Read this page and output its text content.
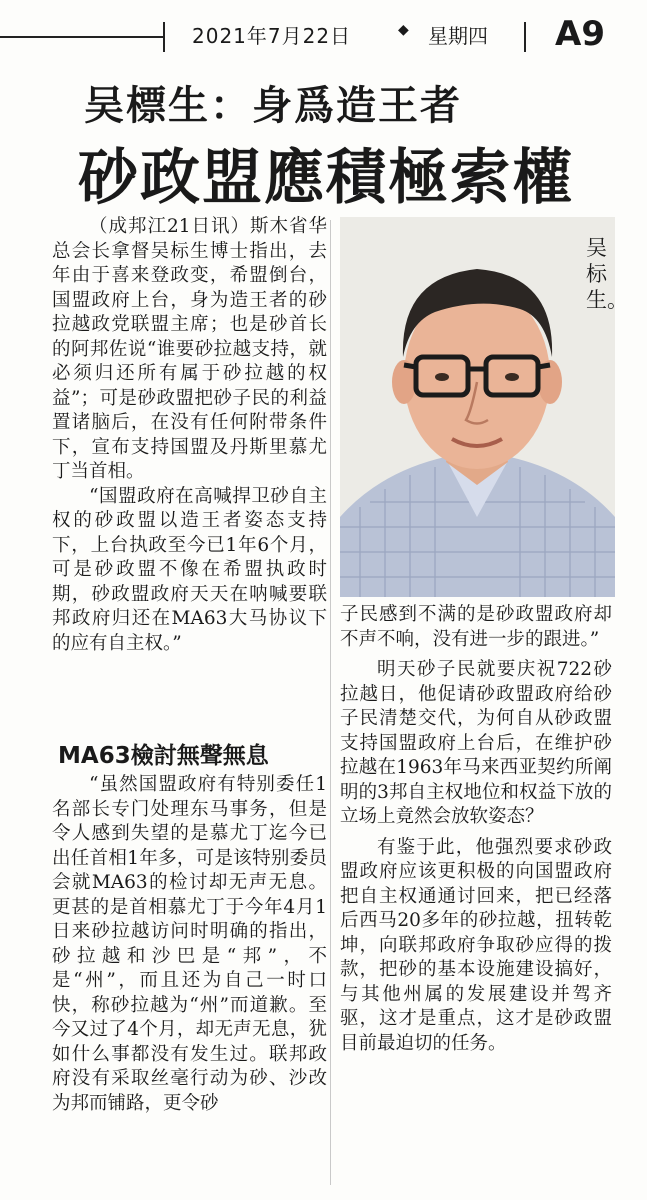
2021年7月22日	◆ 星期四 A9
吴標生：身爲造王者
砂政盟應積極索權

（成邦江21日讯）斯木省华总会长拿督吴标生博士指出，去年由于喜来登政变，希盟倒台，国盟政府上台，身为造王者的砂拉越政党联盟主席；也是砂首长的阿邦佐说“谁要砂拉越支持，就必须归还所有属于砂拉越的权益”；可是砂政盟把砂子民的利益置诸脑后，在没有任何附带条件下，宣布支持国盟及丹斯里慕尤丁当首相。

“国盟政府在高喊捍卫砂自主权的砂政盟以造王者姿态支持下，上台执政至今已1年6个月，可是砂政盟不像在希盟执政时期，砂政盟政府天天在呐喊要联邦政府归还在MA63大马协议下的应有自主权。”

MA63檢討無聲無息

“虽然国盟政府有特别委任1名部长专门处理东马事务，但是令人感到失望的是慕尤丁迄今已出任首相1年多，可是该特别委员会就MA63的检讨却无声无息。更甚的是首相慕尤丁于今年4月1日来砂拉越访问时明确的指出，砂拉越和沙巴是“邦”，不是“州”，而且还为自己一时口快，称砂拉越为“州”而道歉。至今又过了4个月，却无声无息，犹如什么事都没有发生过。联邦政府没有采取丝毫行动为砂、沙改为邦而铺路，更令砂

吴标生。

子民感到不满的是砂政盟政府却不声不响，没有进一步的跟进。”

明天砂子民就要庆祝722砂拉越日，他促请砂政盟政府给砂子民清楚交代，为何自从砂政盟支持国盟政府上台后，在维护砂拉越在1963年马来西亚契约所阐明的3邦自主权地位和权益下放的立场上竟然会放软姿态？

有鉴于此，他强烈要求砂政盟政府应该更积极的向国盟政府把自主权通通讨回来，把已经落后西马20多年的砂拉越，扭转乾坤，向联邦政府争取砂应得的拨款，把砂的基本设施建设搞好，与其他州属的发展建设并驾齐驱，这才是重点，这才是砂政盟目前最迫切的任务。
